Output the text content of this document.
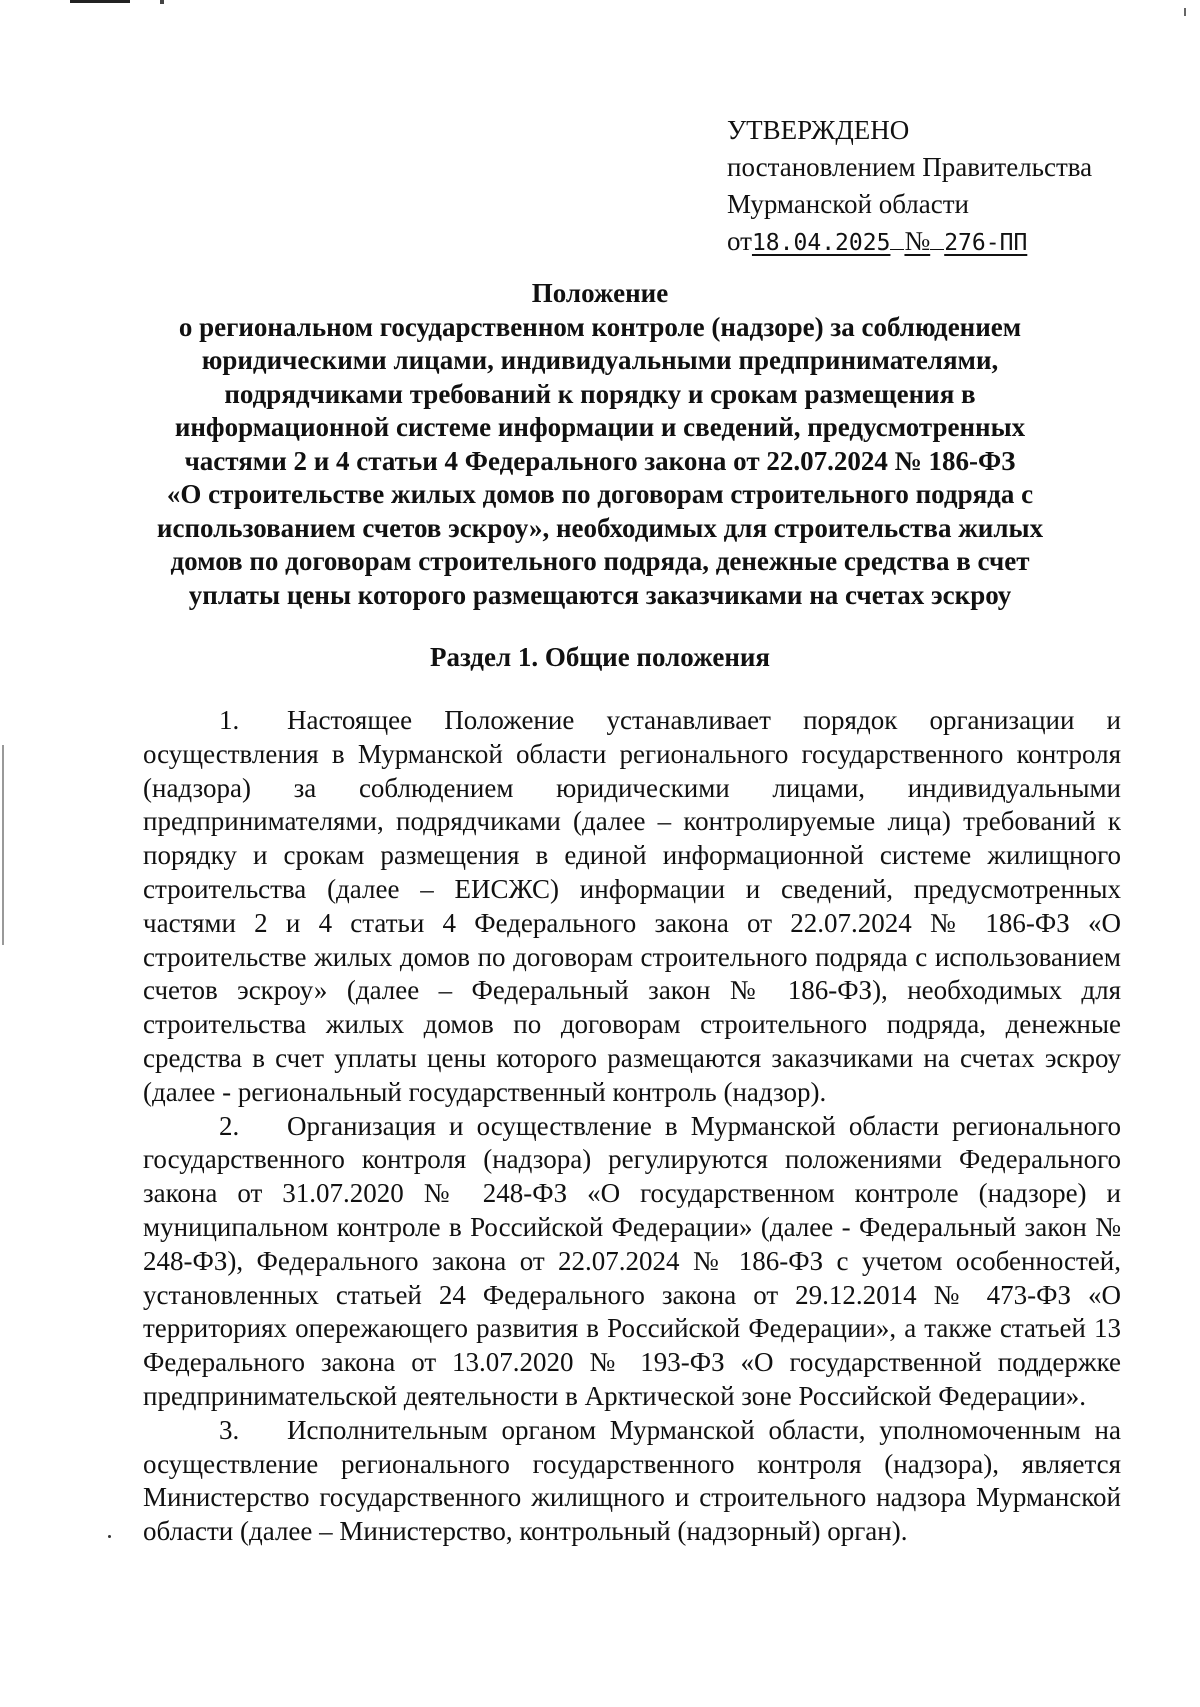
УТВЕРЖДЕНО
постановлением Правительства
Мурманской области
от18.04.2025 № 276-ПП
Положение
о региональном государственном контроле (надзоре) за соблюдением
юридическими лицами, индивидуальными предпринимателями,
подрядчиками требований к порядку и срокам размещения в
информационной системе информации и сведений, предусмотренных
частями 2 и 4 статьи 4 Федерального закона от 22.07.2024 № 186-ФЗ
«О строительстве жилых домов по договорам строительного подряда с
использованием счетов эскроу», необходимых для строительства жилых
домов по договорам строительного подряда, денежные средства в счет
уплаты цены которого размещаются заказчиками на счетах эскроу
Раздел 1. Общие положения

1. Настоящее Положение устанавливает порядок организации и осуществления в Мурманской области регионального государственного контроля (надзора) за соблюдением юридическими лицами, индивидуальными предпринимателями, подрядчиками (далее – контролируемые лица) требований к порядку и срокам размещения в единой информационной системе жилищного строительства (далее – ЕИСЖС) информации и сведений, предусмотренных частями 2 и 4 статьи 4 Федерального закона от 22.07.2024 № 186-ФЗ «О строительстве жилых домов по договорам строительного подряда с использованием счетов эскроу» (далее – Федеральный закон № 186-ФЗ), необходимых для строительства жилых домов по договорам строительного подряда, денежные средства в счет уплаты цены которого размещаются заказчиками на счетах эскроу (далее - региональный государственный контроль (надзор).

2. Организация и осуществление в Мурманской области регионального государственного контроля (надзора) регулируются положениями Федерального закона от 31.07.2020 № 248-ФЗ «О государственном контроле (надзоре) и муниципальном контроле в Российской Федерации» (далее - Федеральный закон № 248-ФЗ), Федерального закона от 22.07.2024 № 186-ФЗ с учетом особенностей, установленных статьей 24 Федерального закона от 29.12.2014 № 473-ФЗ «О территориях опережающего развития в Российской Федерации», а также статьей 13 Федерального закона от 13.07.2020 № 193-ФЗ «О государственной поддержке предпринимательской деятельности в Арктической зоне Российской Федерации».

3. Исполнительным органом Мурманской области, уполномоченным на осуществление регионального государственного контроля (надзора), является Министерство государственного жилищного и строительного надзора Мурманской области (далее – Министерство, контрольный (надзорный) орган).
